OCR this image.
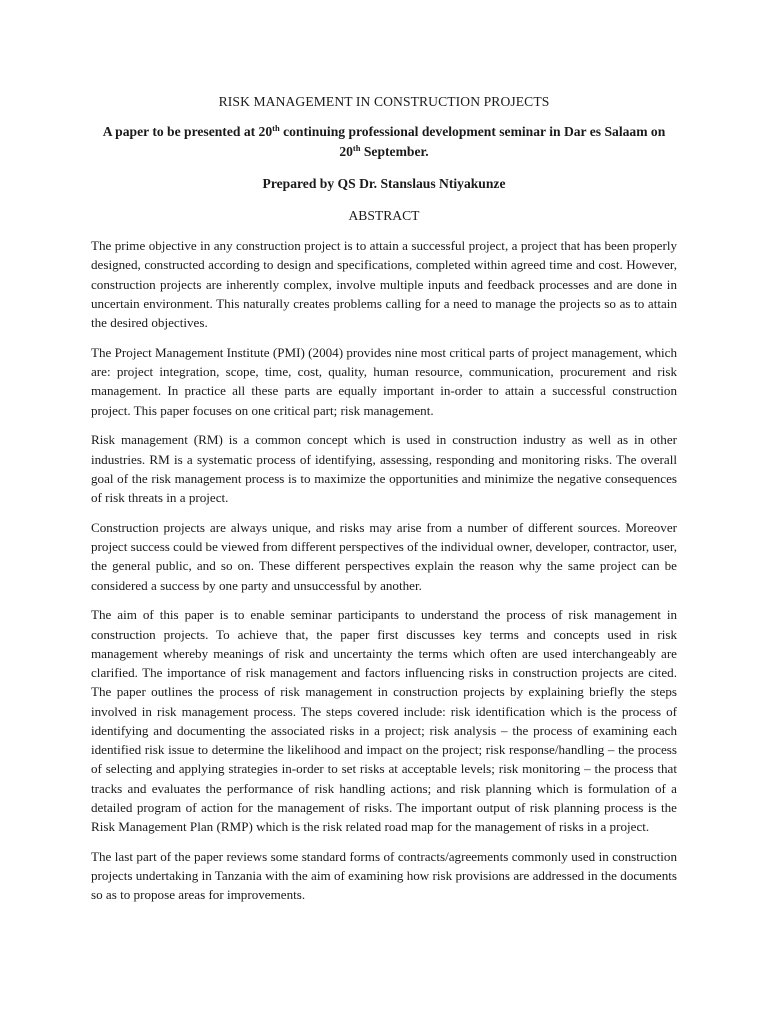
RISK MANAGEMENT IN CONSTRUCTION PROJECTS
A paper to be presented at 20th continuing professional development seminar in Dar es Salaam on 20th September.
Prepared by QS Dr. Stanslaus Ntiyakunze
ABSTRACT

The prime objective in any construction project is to attain a successful project, a project that has been properly designed, constructed according to design and specifications, completed within agreed time and cost. However, construction projects are inherently complex, involve multiple inputs and feedback processes and are done in uncertain environment. This naturally creates problems calling for a need to manage the projects so as to attain the desired objectives.

The Project Management Institute (PMI) (2004) provides nine most critical parts of project management, which are: project integration, scope, time, cost, quality, human resource, communication, procurement and risk management. In practice all these parts are equally important in-order to attain a successful construction project. This paper focuses on one critical part; risk management.

Risk management (RM) is a common concept which is used in construction industry as well as in other industries. RM is a systematic process of identifying, assessing, responding and monitoring risks. The overall goal of the risk management process is to maximize the opportunities and minimize the negative consequences of risk threats in a project.

Construction projects are always unique, and risks may arise from a number of different sources. Moreover project success could be viewed from different perspectives of the individual owner, developer, contractor, user, the general public, and so on. These different perspectives explain the reason why the same project can be considered a success by one party and unsuccessful by another.

The aim of this paper is to enable seminar participants to understand the process of risk management in construction projects. To achieve that, the paper first discusses key terms and concepts used in risk management whereby meanings of risk and uncertainty the terms which often are used interchangeably are clarified. The importance of risk management and factors influencing risks in construction projects are cited. The paper outlines the process of risk management in construction projects by explaining briefly the steps involved in risk management process. The steps covered include: risk identification which is the process of identifying and documenting the associated risks in a project; risk analysis – the process of examining each identified risk issue to determine the likelihood and impact on the project; risk response/handling – the process of selecting and applying strategies in-order to set risks at acceptable levels; risk monitoring – the process that tracks and evaluates the performance of risk handling actions; and risk planning which is formulation of a detailed program of action for the management of risks. The important output of risk planning process is the Risk Management Plan (RMP) which is the risk related road map for the management of risks in a project.

The last part of the paper reviews some standard forms of contracts/agreements commonly used in construction projects undertaking in Tanzania with the aim of examining how risk provisions are addressed in the documents so as to propose areas for improvements.
